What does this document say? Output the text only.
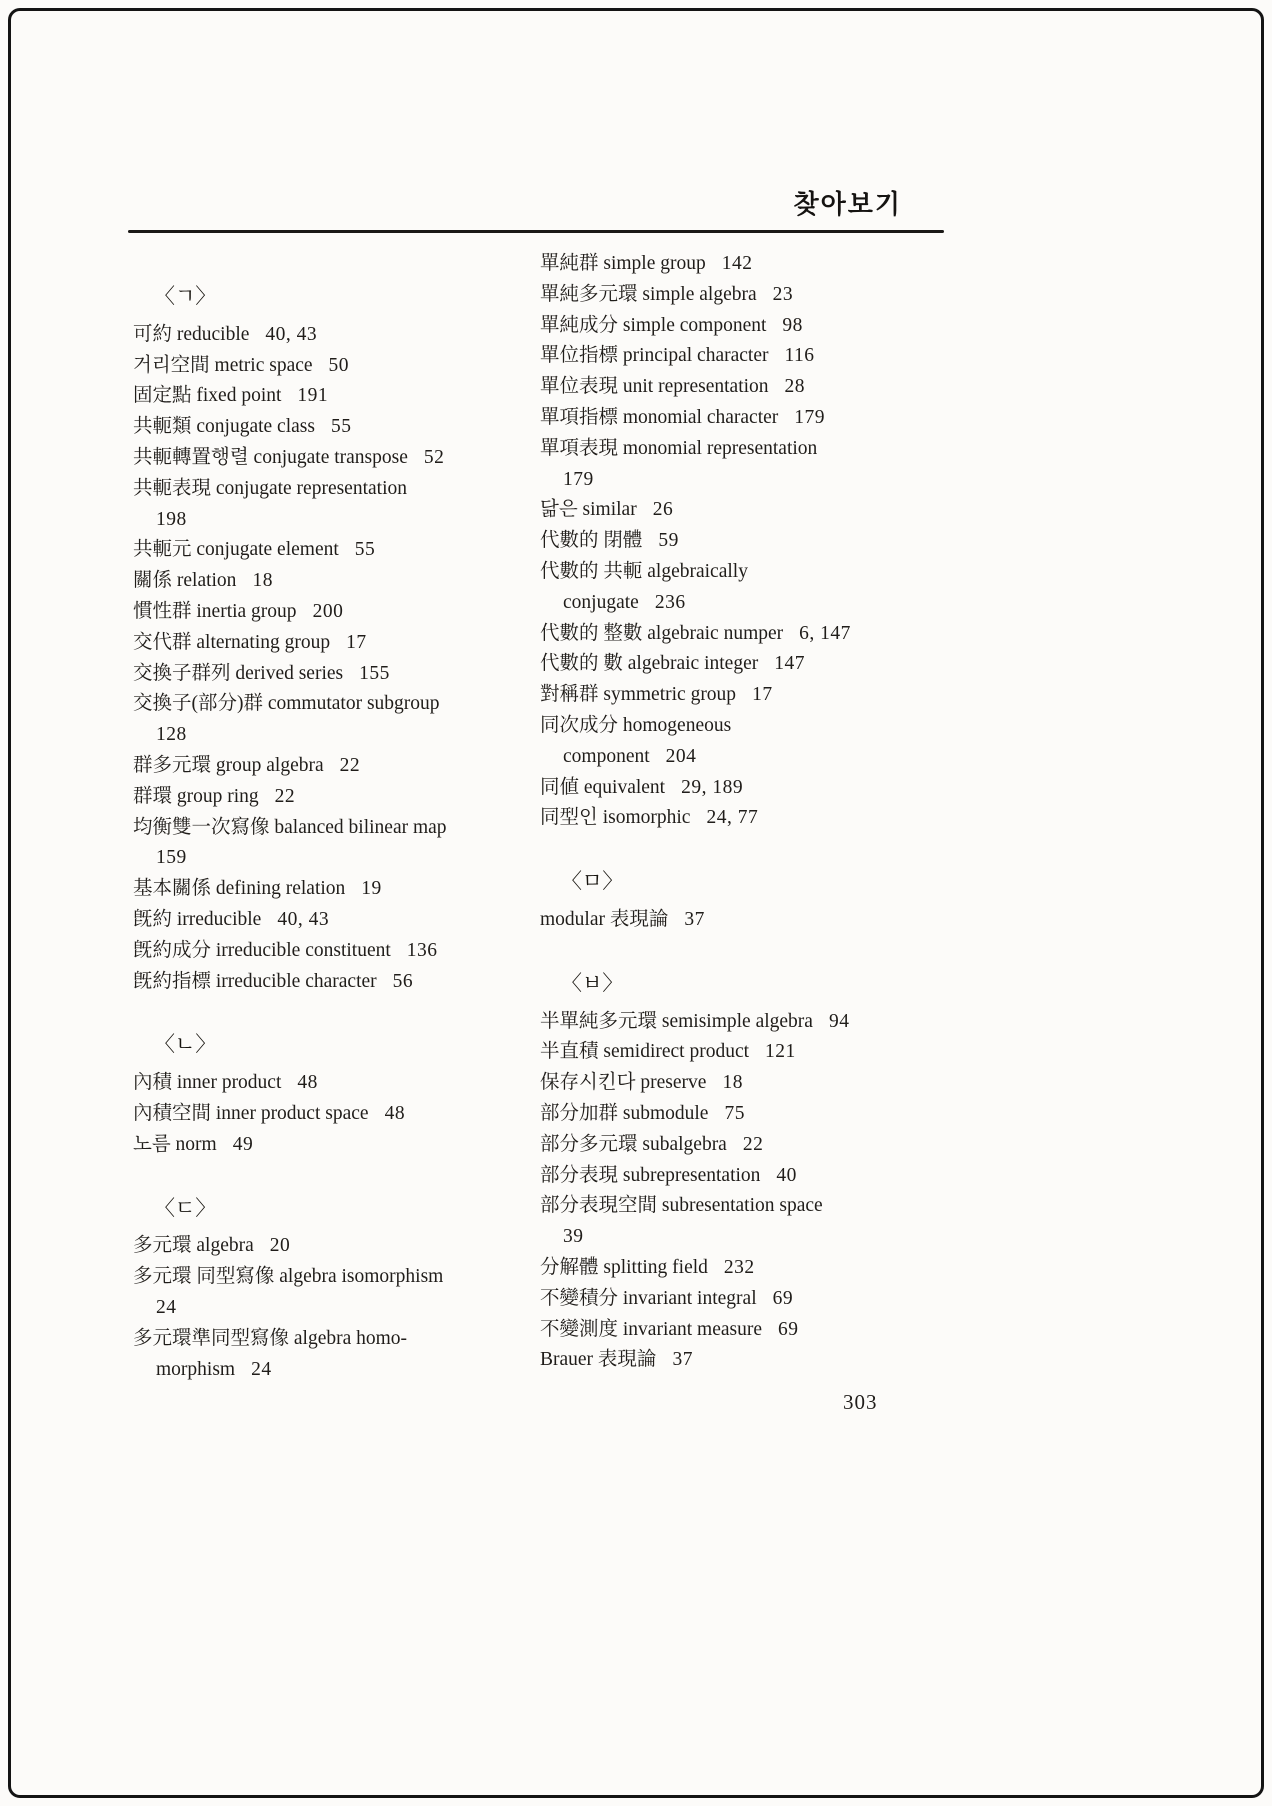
찾아보기
〈ㄱ〉
可約 reducible 40, 43
거리空間 metric space 50
固定點 fixed point 191
共軛類 conjugate class 55
共軛轉置행렬 conjugate transpose 52
共軛表現 conjugate representation
198
共軛元 conjugate element 55
關係 relation 18
慣性群 inertia group 200
交代群 alternating group 17
交換子群列 derived series 155
交換子(部分)群 commutator subgroup
128
群多元環 group algebra 22
群環 group ring 22
均衡雙一次寫像 balanced bilinear map
159
基本關係 defining relation 19
旣約 irreducible 40, 43
旣約成分 irreducible constituent 136
旣約指標 irreducible character 56
〈ㄴ〉
內積 inner product 48
內積空間 inner product space 48
노름 norm 49
〈ㄷ〉
多元環 algebra 20
多元環 同型寫像 algebra isomorphism
24
多元環準同型寫像 algebra homo-
morphism 24
單純群 simple group 142
單純多元環 simple algebra 23
單純成分 simple component 98
單位指標 principal character 116
單位表現 unit representation 28
單項指標 monomial character 179
單項表現 monomial representation
179
닮은 similar 26
代數的 閉體 59
代數的 共軛 algebraically
conjugate 236
代數的 整數 algebraic numper 6, 147
代數的 數 algebraic integer 147
對稱群 symmetric group 17
同次成分 homogeneous
component 204
同値 equivalent 29, 189
同型인 isomorphic 24, 77
〈ㅁ〉
modular 表現論 37
〈ㅂ〉
半單純多元環 semisimple algebra 94
半直積 semidirect product 121
保存시킨다 preserve 18
部分加群 submodule 75
部分多元環 subalgebra 22
部分表現 subrepresentation 40
部分表現空間 subresentation space
39
分解體 splitting field 232
不變積分 invariant integral 69
不變測度 invariant measure 69
Brauer 表現論 37
303
